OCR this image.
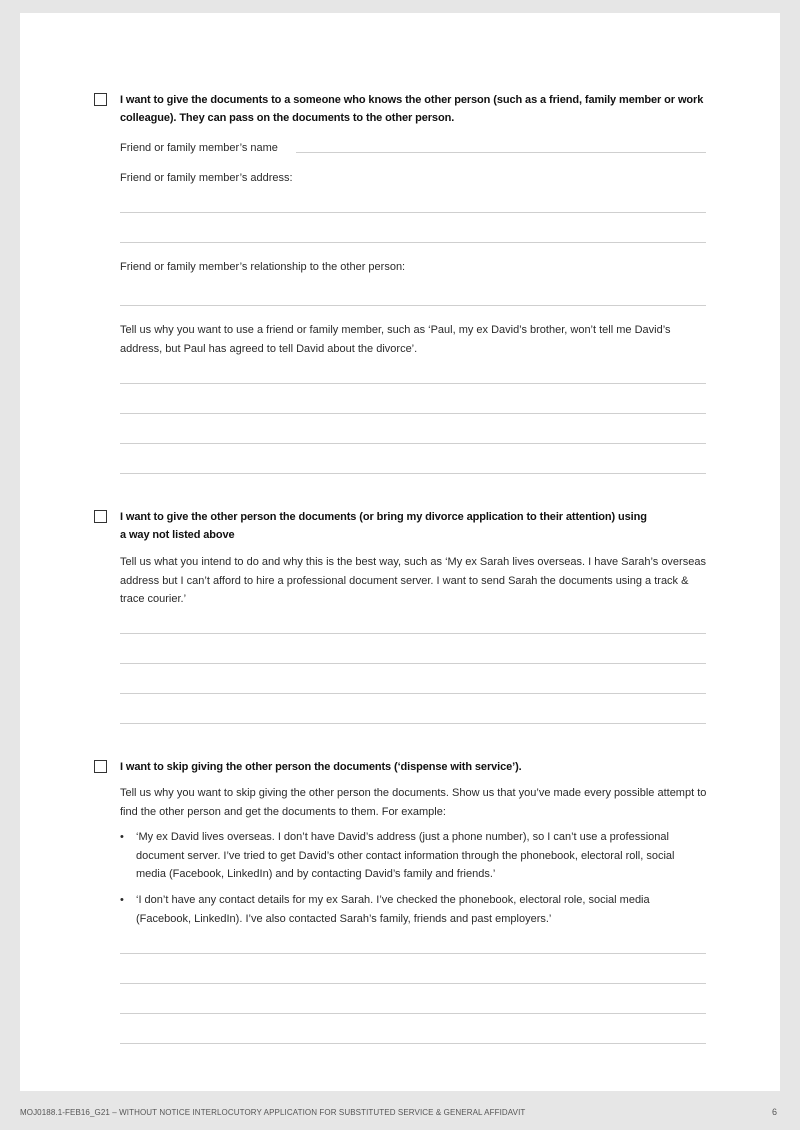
I want to give the documents to a someone who knows the other person (such as a friend, family member or work colleague). They can pass on the documents to the other person.
Friend or family member’s name
Friend or family member’s address:
Friend or family member’s relationship to the other person:
Tell us why you want to use a friend or family member, such as ‘Paul, my ex David’s brother, won’t tell me David’s address, but Paul has agreed to tell David about the divorce’.
I want to give the other person the documents (or bring my divorce application to their attention) using a way not listed above
Tell us what you intend to do and why this is the best way, such as ‘My ex Sarah lives overseas. I have Sarah’s overseas address but I can’t afford to hire a professional document server. I want to send Sarah the documents using a track & trace courier.’
I want to skip giving the other person the documents (‘dispense with service’).
Tell us why you want to skip giving the other person the documents. Show us that you’ve made every possible attempt to find the other person and get the documents to them. For example:
• ‘My ex David lives overseas. I don’t have David’s address (just a phone number), so I can’t use a professional document server. I’ve tried to get David’s other contact information through the phonebook, electoral roll, social media (Facebook, LinkedIn) and by contacting David’s family and friends.’
• ‘I don’t have any contact details for my ex Sarah. I’ve checked the phonebook, electoral role, social media (Facebook, LinkedIn). I’ve also contacted Sarah’s family, friends and past employers.’
MOJ0188.1-FEB16_G21 – WITHOUT NOTICE INTERLOCUTORY APPLICATION FOR SUBSTITUTED SERVICE & GENERAL AFFIDAVIT	6
